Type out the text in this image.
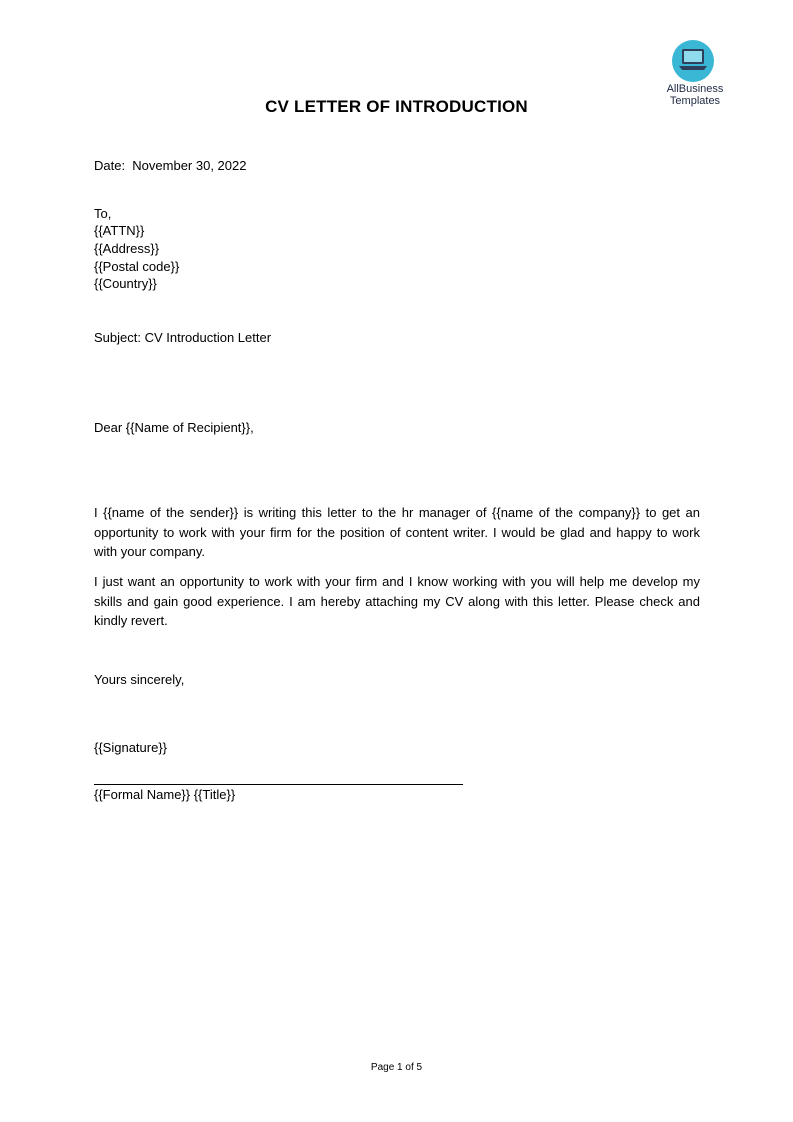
AllBusiness
Templates
CV LETTER OF INTRODUCTION
Date:  November 30, 2022
To,
{{ATTN}}
{{Address}}
{{Postal code}}
{{Country}}
Subject: CV Introduction Letter
Dear {{Name of Recipient}},
I {{name of the sender}} is writing this letter to the hr manager of {{name of the company}} to get an opportunity to work with your firm for the position of content writer. I would be glad and happy to work with your company.
I just want an opportunity to work with your firm and I know working with you will help me develop my skills and gain good experience. I am hereby attaching my CV along with this letter. Please check and kindly revert.
Yours sincerely,
{{Signature}}
{{Formal Name}} {{Title}}
Page 1 of 5
